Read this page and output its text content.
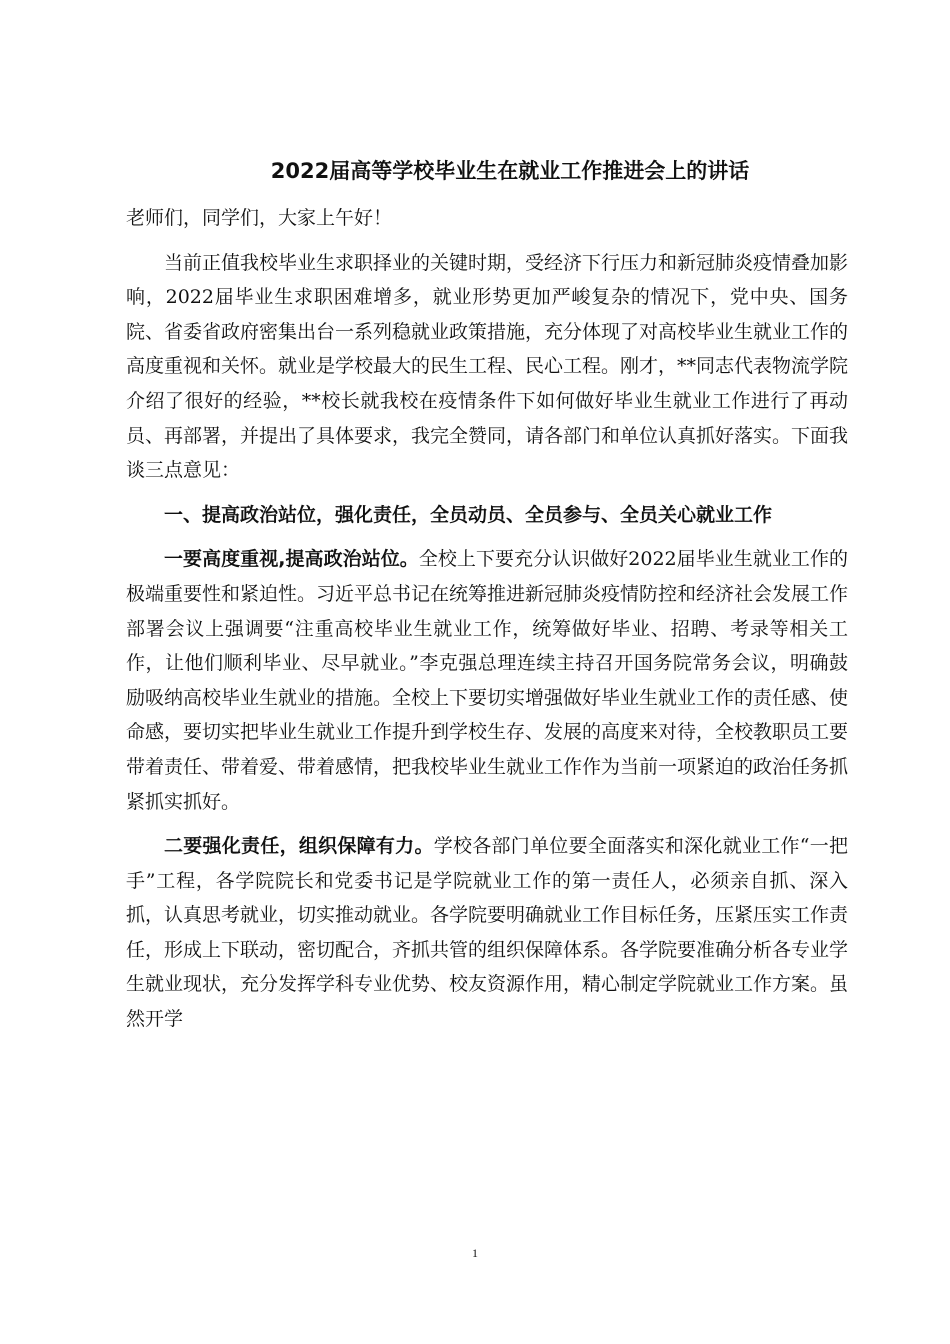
2022届高等学校毕业生在就业工作推进会上的讲话

老师们，同学们，大家上午好！

当前正值我校毕业生求职择业的关键时期，受经济下行压力和新冠肺炎疫情叠加影响，2022届毕业生求职困难增多，就业形势更加严峻复杂的情况下，党中央、国务院、省委省政府密集出台一系列稳就业政策措施，充分体现了对高校毕业生就业工作的高度重视和关怀。就业是学校最大的民生工程、民心工程。刚才，**同志代表物流学院介绍了很好的经验，**校长就我校在疫情条件下如何做好毕业生就业工作进行了再动员、再部署，并提出了具体要求，我完全赞同，请各部门和单位认真抓好落实。下面我谈三点意见：

一、提高政治站位，强化责任，全员动员、全员参与、全员关心就业工作

一要高度重视,提高政治站位。全校上下要充分认识做好2022届毕业生就业工作的极端重要性和紧迫性。习近平总书记在统筹推进新冠肺炎疫情防控和经济社会发展工作部署会议上强调要“注重高校毕业生就业工作，统筹做好毕业、招聘、考录等相关工作，让他们顺利毕业、尽早就业。”李克强总理连续主持召开国务院常务会议，明确鼓励吸纳高校毕业生就业的措施。全校上下要切实增强做好毕业生就业工作的责任感、使命感，要切实把毕业生就业工作提升到学校生存、发展的高度来对待，全校教职员工要带着责任、带着爱、带着感情，把我校毕业生就业工作作为当前一项紧迫的政治任务抓紧抓实抓好。

二要强化责任，组织保障有力。学校各部门单位要全面落实和深化就业工作“一把手”工程，各学院院长和党委书记是学院就业工作的第一责任人，必须亲自抓、深入抓，认真思考就业，切实推动就业。各学院要明确就业工作目标任务，压紧压实工作责任，形成上下联动，密切配合，齐抓共管的组织保障体系。各学院要准确分析各专业学生就业现状，充分发挥学科专业优势、校友资源作用，精心制定学院就业工作方案。虽然开学

1
